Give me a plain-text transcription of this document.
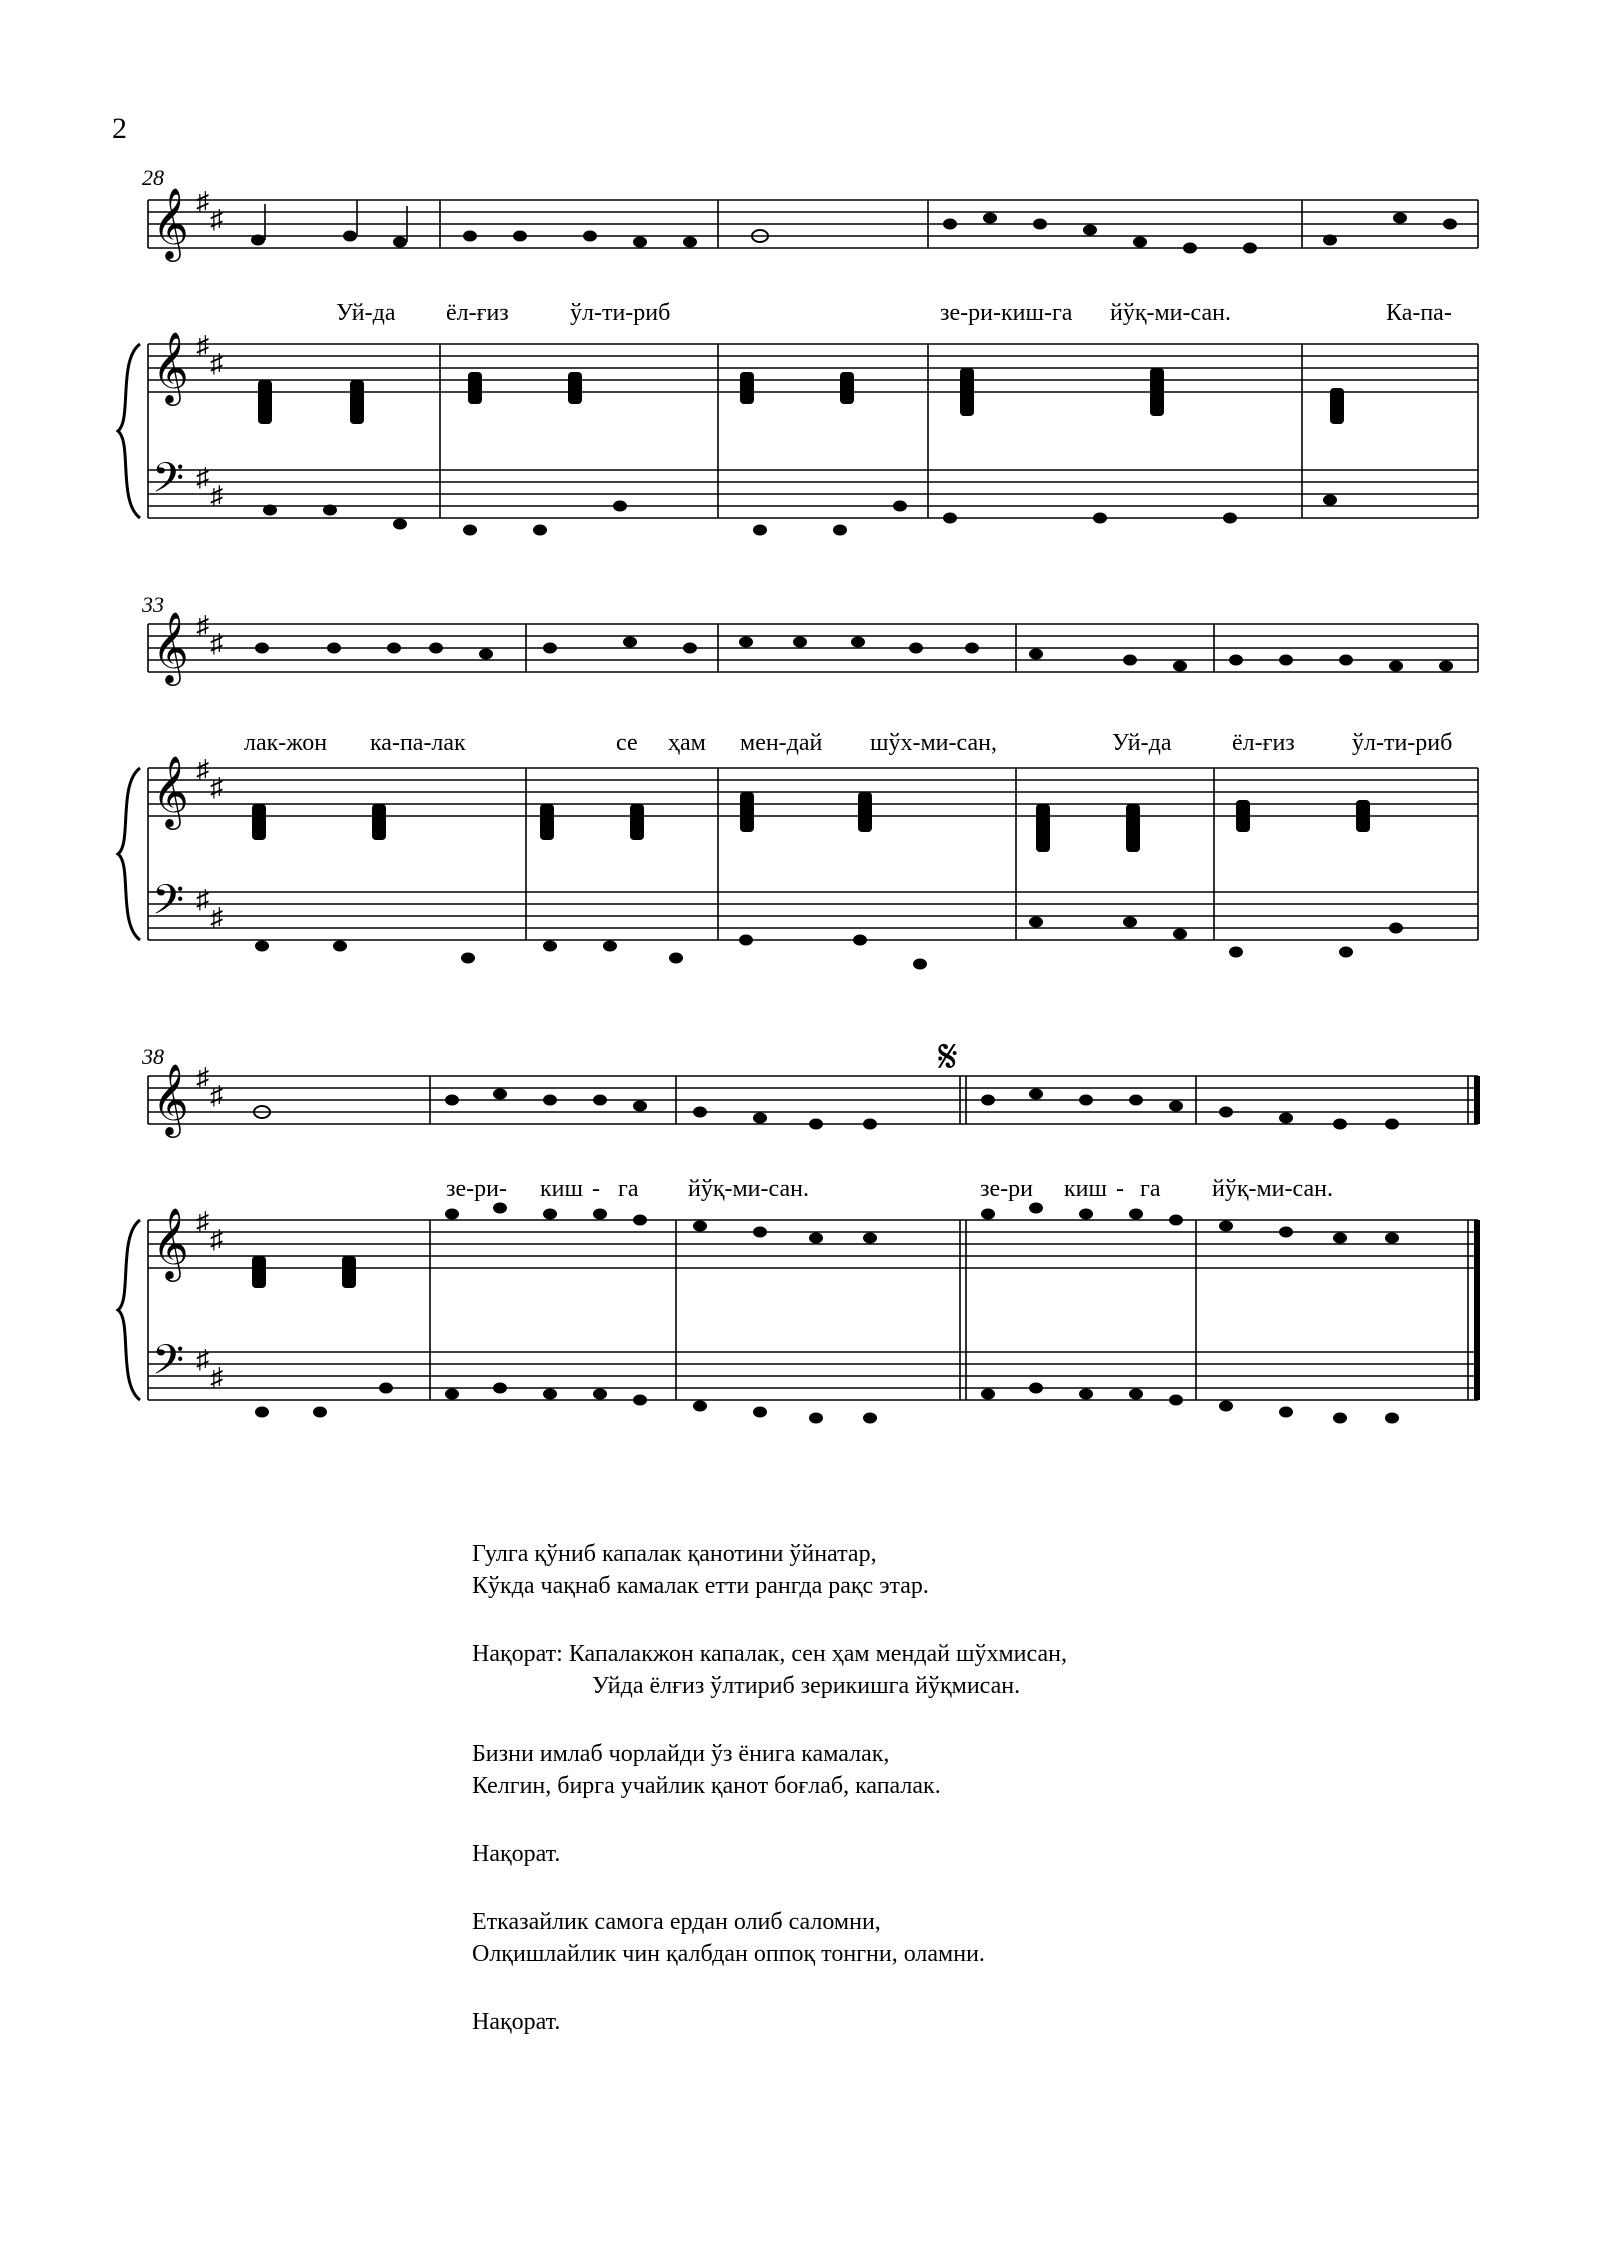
2
𝄞
𝄞
𝄢
♯
♯
♯
♯
♯
♯
28
Уй-да ёл-ғиз	ўл-ти-риб	зе-ри-киш-га йўқ-ми-сан.	Ка-па-
𝄞
𝄞
𝄢
♯
♯
♯
♯
♯
♯
33
лак-жон ка-па-лак	се ҳам мен-дай шўх-ми-сан,	Уй-да	ёл-ғиз ўл-ти-риб
𝄞
𝄞
𝄢
♯
♯
♯
♯
♯
♯
𝄋
38
зе-ри- киш - га йўқ-ми-сан.	зе-ри киш - га йўқ-ми-сан.

Гулга қўниб капалак қанотини ўйнатар,

Кўкда чақнаб камалак етти рангда рақс этар.

Нақорат: Капалакжон капалак, сен ҳам мендай шўхмисан,

Уйда ёлғиз ўлтириб зерикишга йўқмисан.

Бизни имлаб чорлайди ўз ёнига камалак,

Келгин, бирга учайлик қанот боғлаб, капалак.

Нақорат.

Етказайлик самога ердан олиб саломни,

Олқишлайлик чин қалбдан оппоқ тонгни, оламни.

Нақорат.
